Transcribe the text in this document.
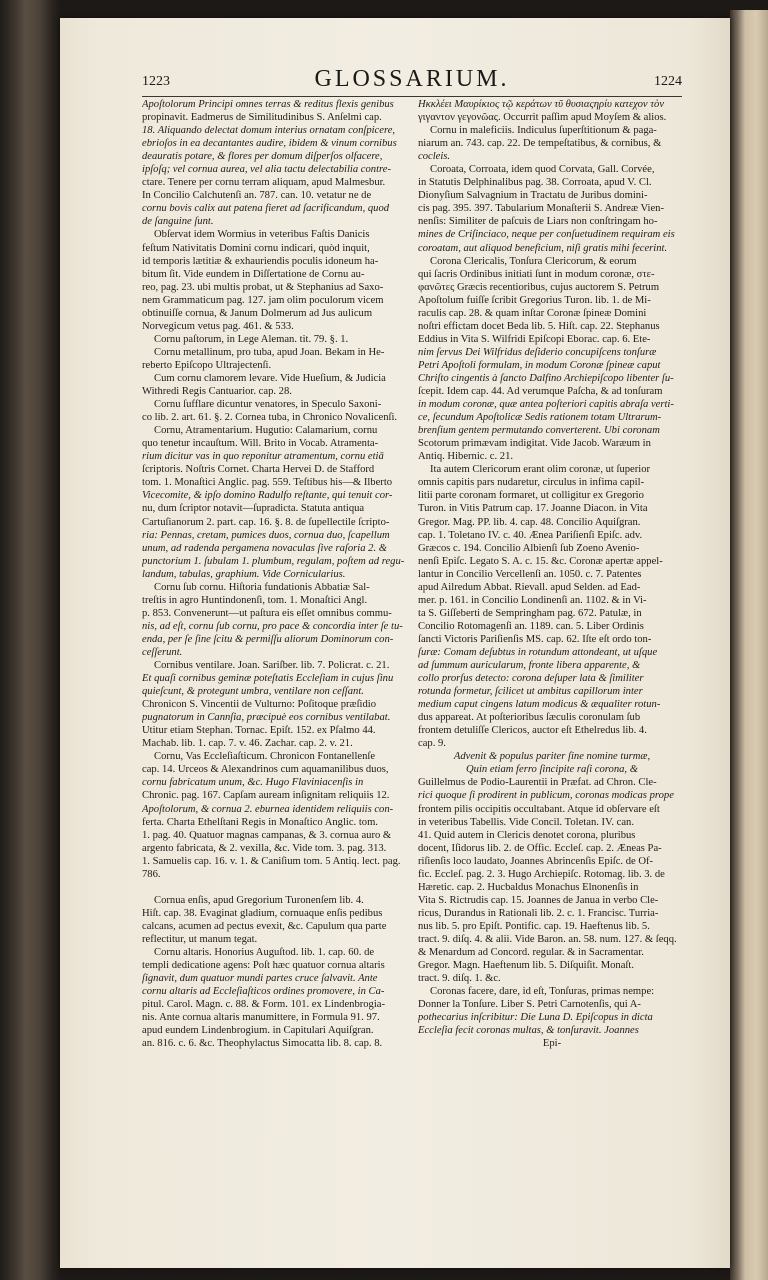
1223	GLOSSARIUM.	1224
Apoſtolorum Principi omnes terras & reditus flexis genibus
propinavit. Eadmerus de Similitudinibus S. Anſelmi cap.
18. Aliquando delectat domum interius ornatam conſpicere,
ebrioſos in ea decantantes audire, ibidem & vinum cornibus
deauratis potare, & flores per domum diſperſos olfacere,
ipſoſq; vel cornua aurea, vel alia tactu delectabilia contre-
ctare. Tenere per cornu terram aliquam, apud Malmesbur.
In Concilio Calchutenſi an. 787. can. 10. vetatur ne de
cornu bovis calix aut patena fieret ad ſacrificandum, quod
de ſanguine ſunt.
Obſervat idem Wormius in veteribus Faſtis Danicis
feſtum Nativitatis Domini cornu indicari, quòd inquit,
id temporis lætitiæ & exhauriendis poculis idoneum ha-
bitum ſit. Vide eundem in Diſſertatione de Cornu au-
reo, pag. 23. ubi multis probat, ut & Stephanius ad Saxo-
nem Grammaticum pag. 127. jam olim poculorum vicem
obtinuiſſe cornua, & Janum Dolmerum ad Jus aulicum
Norvegicum vetus pag. 461. & 533.
Cornu paſtorum, in Lege Aleman. tit. 79. §. 1.
Cornu metallinum, pro tuba, apud Joan. Bekam in He-
reberto Epiſcopo Ultrajectenſi.
Cum cornu clamorem levare. Vide Hueſium, & Judicia
Withredi Regis Cantuarior. cap. 28.
Cornu ſufflare dicuntur venatores, in Speculo Saxoni-
co lib. 2. art. 61. §. 2. Cornea tuba, in Chronico Novalicenſi.
Cornu, Atramentarium. Hugutio: Calamarium, cornu
quo tenetur incauſtum. Will. Brito in Vocab. Atramenta-
rium dicitur vas in quo reponitur atramentum, cornu etiā
ſcriptoris. Noſtris Cornet. Charta Hervei D. de Stafford
tom. 1. Monaſtici Anglic. pag. 559. Teſtibus his—& Ilberto
Vicecomite, & ipſo domino Radulfo reſtante, qui tenuit cor-
nu, dum ſcriptor notavit—ſupradicta. Statuta antiqua
Cartuſianorum 2. part. cap. 16. §. 8. de ſupellectile ſcripto-
ria: Pennas, cretam, pumices duos, cornua duo, ſcapellum
unum, ad radenda pergamena novaculas ſive raſoria 2. &
punctorium 1. ſubulam 1. plumbum, regulam, poſtem ad regu-
landum, tabulas, graphium. Vide Cornicularius.
Cornu ſub cornu. Hiſtoria fundationis Abbatiæ Sal-
treſtis in agro Huntindonenſi, tom. 1. Monaſtici Angl.
p. 853. Convenerunt—ut paſtura eis eſſet omnibus commu-
nis, ad eſt, cornu ſub cornu, pro pace & concordia inter ſe tu-
enda, per ſe ſine ſcitu & permiſſu aliorum Dominorum con-
ceſſerunt.
Cornibus ventilare. Joan. Sariſber. lib. 7. Policrat. c. 21.
Et quaſi cornibus geminæ poteſtatis Eccleſiam in cujus ſinu
quieſcunt, & protegunt umbra, ventilare non ceſſant.
Chronicon S. Vincentii de Vulturno: Poſitoque præſidio
pugnatorum in Cannſia, præcipuè eos cornibus ventilabat.
Utitur etiam Stephan. Tornac. Epiſt. 152. ex Pſalmo 44.
Machab. lib. 1. cap. 7. v. 46. Zachar. cap. 2. v. 21.
Cornu, Vas Eccleſiaſticum. Chronicon Fontanellenſe
cap. 14. Urceos & Alexandrinos cum aquamanilibus duos,
cornu fabricatum unum, &c. Hugo Flaviniacenſis in
Chronic. pag. 167. Capſam auream inſignitam reliquiis 12.
Apoſtolorum, & cornua 2. eburnea identidem reliquiis con-
ferta. Charta Ethelſtani Regis in Monaſtico Anglic. tom.
1. pag. 40. Quatuor magnas campanas, & 3. cornua auro &
argento fabricata, & 2. vexilla, &c. Vide tom. 3. pag. 313.
1. Samuelis cap. 16. v. 1. & Caniſium tom. 5 Antiq. lect. pag.
786.
Cornua enſis, apud Gregorium Turonenſem lib. 4.
Hiſt. cap. 38. Evaginat gladium, cornuaque enſis pedibus
calcans, acumen ad pectus evexit, &c. Capulum qua parte
reflectitur, ut manum tegat.
Cornu altaris. Honorius Auguſtod. lib. 1. cap. 60. de
templi dedicatione agens: Poſt hæc quatuor cornua altaris
ſignavit, dum quatuor mundi partes cruce ſalvavit. Ante
cornu altaris ad Eccleſiaſticos ordines promovere, in Ca-
pitul. Carol. Magn. c. 88. & Form. 101. ex Lindenbrogia-
nis. Ante cornua altaris manumittere, in Formula 91. 97.
apud eundem Lindenbrogium. in Capitulari Aquiſgran.
an. 816. c. 6. &c. Theophylactus Simocatta lib. 8. cap. 8.
Ηκκλέει Μαυρίκιος τῷ κεράτων τῦ θυσιαςηρίυ κατεχον τὸν
γιγαντον γεγονῶας. Occurrit paſſim apud Moyſem & alios.
Cornu in maleficiis. Indiculus ſuperſtitionum & paga-
niarum an. 743. cap. 22. De tempeſtatibus, & cornibus, &
cocleis.
Coroata, Corroata, idem quod Corvata, Gall. Corvée,
in Statutis Delphinalibus pag. 38. Corroata, apud V. Cl.
Dionyſium Salvagnium in Tractatu de Juribus domini-
cis pag. 395. 397. Tabularium Monaſterii S. Andreæ Vien-
nenſis: Similiter de paſcuis de Liars non conſtringam ho-
mines de Criſinciaco, neque per conſuetudinem requiram eis
coroatam, aut aliquod beneficium, niſi gratis mihi fecerint.
Corona Clericalis, Tonſura Clericorum, & eorum
qui ſacris Ordinibus initiati ſunt in modum coronæ, στε-
φανῶτες Græcis recentioribus, cujus auctorem S. Petrum
Apoſtolum fuiſſe ſcribit Gregorius Turon. lib. 1. de Mi-
raculis cap. 28. & quam inſtar Coronæ ſpineæ Domini
noſtri effictam docet Beda lib. 5. Hiſt. cap. 22. Stephanus
Eddius in Vita S. Wilfridi Epiſcopi Eborac. cap. 6. Ete-
nim ſervus Dei Wilfridus deſiderio concupiſcens tonſuræ
Petri Apoſtoli formulam, in modum Coronæ ſpineæ caput
Chriſto cingentis à ſancto Dalfino Archiepiſcopo libenter ſu-
ſcepit. Idem cap. 44. Ad verumque Paſcha, & ad tonſuram
in modum coronæ, quæ antea poſteriori capitis abraſa verti-
ce, ſecundum Apoſtolicæ Sedis rationem totam Ultrarum-
brenſium gentem permutando converterent. Ubi coronam
Scotorum primævam indigitat. Vide Jacob. Waræum in
Antiq. Hibernic. c. 21.
Ita autem Clericorum erant olim coronæ, ut ſuperior
omnis capitis pars nudaretur, circulus in infima capil-
litii parte coronam formaret, ut colligitur ex Gregorio
Turon. in Vitis Patrum cap. 17. Joanne Diacon. in Vita
Gregor. Mag. PP. lib. 4. cap. 48. Concilio Aquiſgran.
cap. 1. Toletano IV. c. 40. Ænea Pariſienſi Epiſc. adv.
Græcos c. 194. Concilio Albienſi ſub Zoeno Avenio-
nenſi Epiſc. Legato S. A. c. 15. &c. Coronæ apertæ appel-
lantur in Concilio Vercellenſi an. 1050. c. 7. Patentes
apud Ailredum Abbat. Rievall. apud Selden. ad Ead-
mer. p. 161. in Concilio Londinenſi an. 1102. & in Vi-
ta S. Giſſeberti de Sempringham pag. 672. Patulæ, in
Concilio Rotomagenſi an. 1189. can. 5. Liber Ordinis
ſancti Victoris Pariſienſis MS. cap. 62. Iſte eſt ordo ton-
ſuræ: Comam deſubtus in rotundum attondeant, ut uſque
ad ſummum auricularum, fronte libera apparente, &
collo prorſus detecto: corona deſuper lata & ſimiliter
rotunda formetur, ſcilicet ut ambitus capillorum inter
medium caput cingens latum modicus & æqualiter rotun-
dus appareat. At poſterioribus ſæculis coronulam ſub
frontem detuliſſe Clericos, auctor eſt Ethelredus lib. 4.
cap. 9.
Advenit & populus pariter ſine nomine turmæ,
Quin etiam ferro ſincipite raſi corona, &
Guillelmus de Podio-Laurentii in Præfat. ad Chron. Cle-
rici quoque ſi prodirent in publicum, coronas modicas prope
frontem pilis occipitis occultabant. Atque id obſervare eſt
in veteribus Tabellis. Vide Concil. Toletan. IV. can.
41. Quid autem in Clericis denotet corona, pluribus
docent, Iſidorus lib. 2. de Offic. Eccleſ. cap. 2. Æneas Pa-
riſienſis loco laudato, Joannes Abrincenſis Epiſc. de Of-
fic. Eccleſ. pag. 2. 3. Hugo Archiepiſc. Rotomag. lib. 3. de
Hæretic. cap. 2. Hucbaldus Monachus Elnonenſis in
Vita S. Rictrudis cap. 15. Joannes de Janua in verbo Cle-
ricus, Durandus in Rationali lib. 2. c. 1. Francisc. Turria-
nus lib. 5. pro Epiſt. Pontific. cap. 19. Haeftenus lib. 5.
tract. 9. diſq. 4. & alii. Vide Baron. an. 58. num. 127. & ſeqq.
& Menardum ad Concord. regular. & in Sacramentar.
Gregor. Magn. Haeftenum lib. 5. Diſquiſit. Monaſt.
tract. 9. diſq. 1. &c.
Coronas facere, dare, id eſt, Tonſuras, primas nempe:
Donner la Tonſure. Liber S. Petri Carnotenſis, qui A-
pothecarius inſcribitur: Die Luna D. Epiſcopus in dicta
Eccleſia fecit coronas multas, & tonſuravit. Joannes
Epi-
